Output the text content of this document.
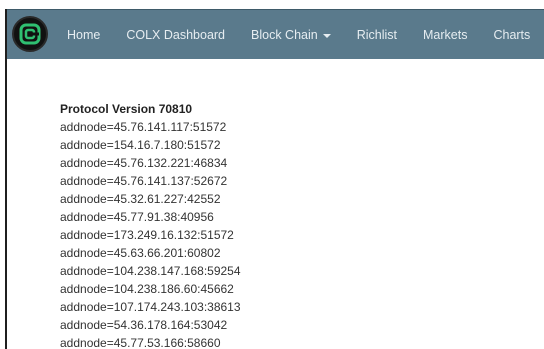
Home COLX Dashboard Block Chain	Richlist Markets Charts
Protocol Version 70810
addnode=45.76.141.117:51572
addnode=154.16.7.180:51572
addnode=45.76.132.221:46834
addnode=45.76.141.137:52672
addnode=45.32.61.227:42552
addnode=45.77.91.38:40956
addnode=173.249.16.132:51572
addnode=45.63.66.201:60802
addnode=104.238.147.168:59254
addnode=104.238.186.60:45662
addnode=107.174.243.103:38613
addnode=54.36.178.164:53042
addnode=45.77.53.166:58660
